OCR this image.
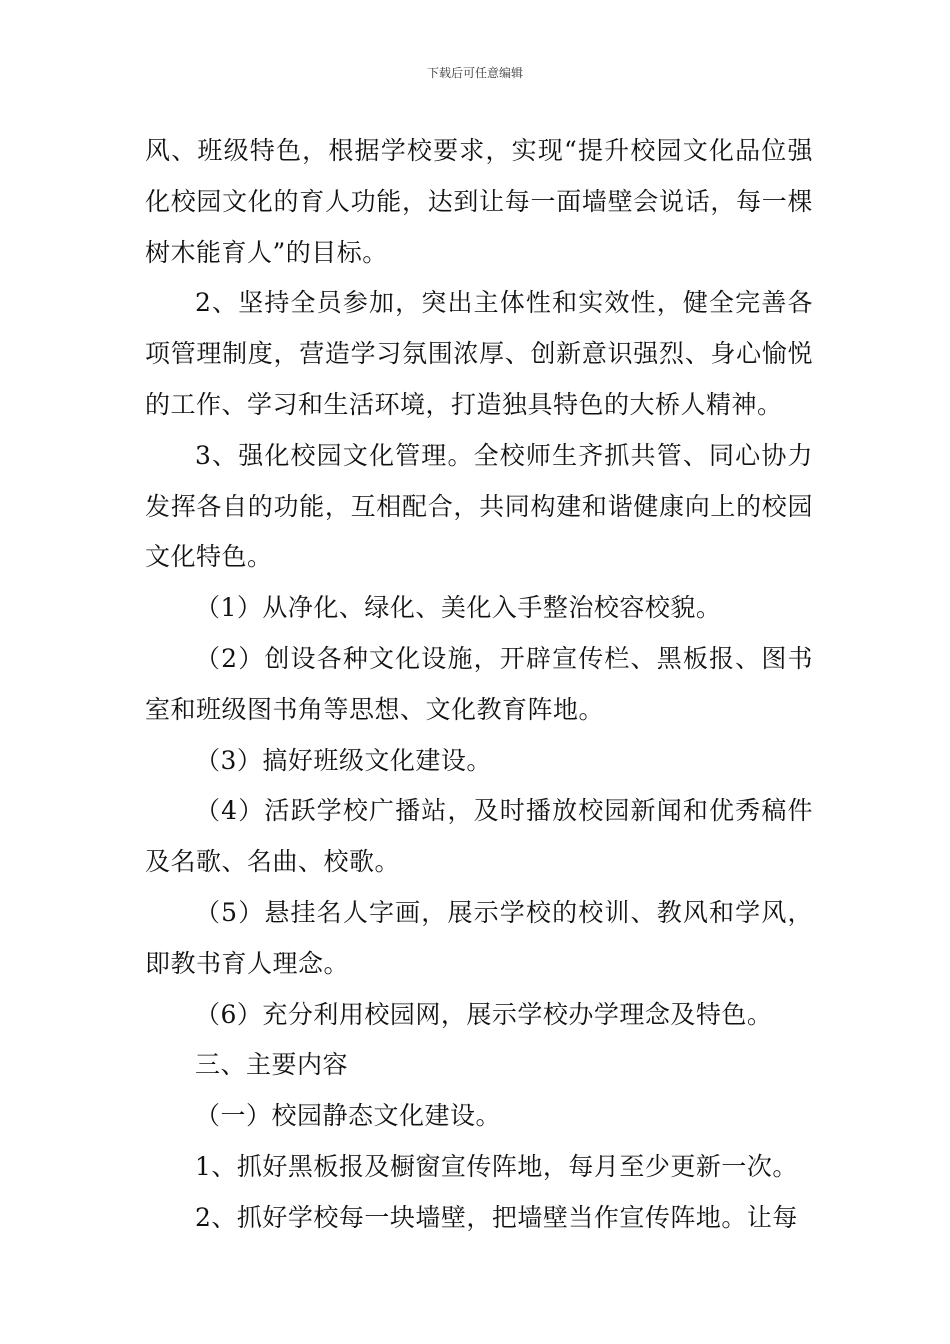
下载后可任意编辑

风、班级特色，根据学校要求，实现“提升校园文化品位强化校园文化的育人功能，达到让每一面墙壁会说话，每一棵树木能育人”的目标。

2、坚持全员参加，突出主体性和实效性，健全完善各项管理制度，营造学习氛围浓厚、创新意识强烈、身心愉悦的工作、学习和生活环境，打造独具特色的大桥人精神。

3、强化校园文化管理。全校师生齐抓共管、同心协力发挥各自的功能，互相配合，共同构建和谐健康向上的校园文化特色。

（1）从净化、绿化、美化入手整治校容校貌。

（2）创设各种文化设施，开辟宣传栏、黑板报、图书室和班级图书角等思想、文化教育阵地。

（3）搞好班级文化建设。

（4）活跃学校广播站，及时播放校园新闻和优秀稿件及名歌、名曲、校歌。

（5）悬挂名人字画，展示学校的校训、教风和学风，即教书育人理念。

（6）充分利用校园网，展示学校办学理念及特色。

三、主要内容

（一）校园静态文化建设。

1、抓好黑板报及橱窗宣传阵地，每月至少更新一次。

2、抓好学校每一块墙壁，把墙壁当作宣传阵地。让每
